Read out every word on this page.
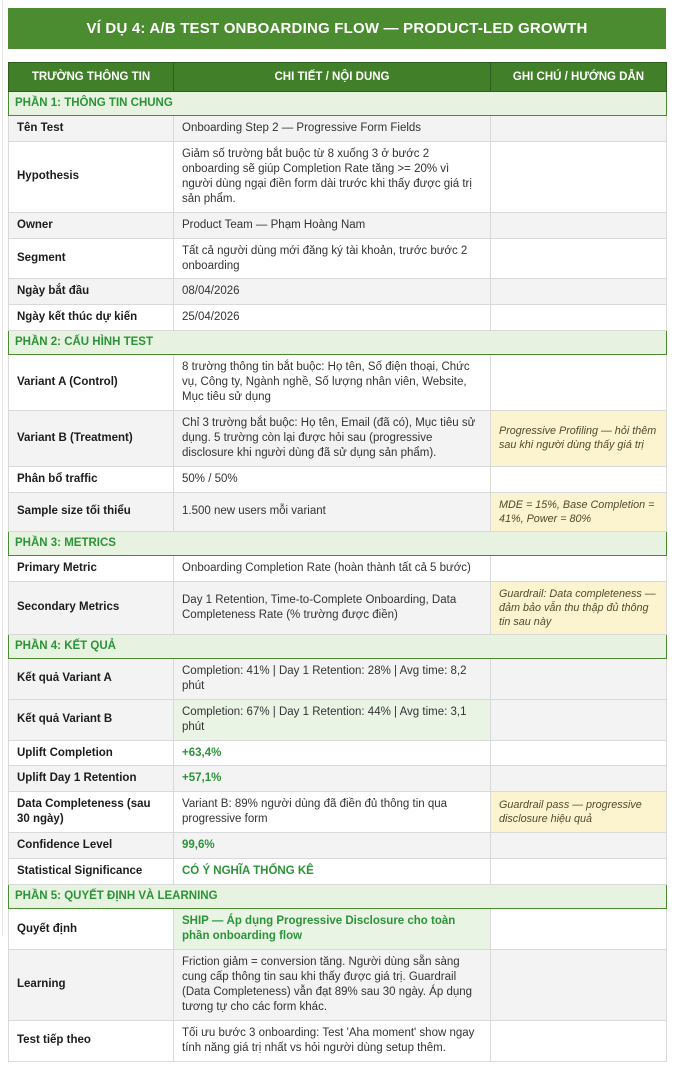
VÍ DỤ 4: A/B TEST ONBOARDING FLOW — PRODUCT-LED GROWTH
TRƯỜNG THÔNG TIN	CHI TIẾT / NỘI DUNG	GHI CHÚ / HƯỚNG DẪN
PHẦN 1: THÔNG TIN CHUNG		
Tên Test	Onboarding Step 2 — Progressive Form Fields	
Hypothesis	Giảm số trường bắt buộc từ 8 xuống 3 ở bước 2 onboarding sẽ giúp Completion Rate tăng >= 20% vì người dùng ngại điền form dài trước khi thấy được giá trị sản phẩm.	
Owner	Product Team — Phạm Hoàng Nam	
Segment	Tất cả người dùng mới đăng ký tài khoản, trước bước 2 onboarding	
Ngày bắt đầu	08/04/2026	
Ngày kết thúc dự kiến	25/04/2026	
PHẦN 2: CẤU HÌNH TEST		
Variant A (Control)	8 trường thông tin bắt buộc: Họ tên, Số điện thoại, Chức vụ, Công ty, Ngành nghề, Số lượng nhân viên, Website, Mục tiêu sử dụng	
Variant B (Treatment)	Chỉ 3 trường bắt buộc: Họ tên, Email (đã có), Mục tiêu sử dụng. 5 trường còn lại được hỏi sau (progressive disclosure khi người dùng đã sử dụng sản phẩm).	Progressive Profiling — hỏi thêm sau khi người dùng thấy giá trị
Phân bổ traffic	50% / 50%	
Sample size tối thiểu	1.500 new users mỗi variant	MDE = 15%, Base Completion = 41%, Power = 80%
PHẦN 3: METRICS		
Primary Metric	Onboarding Completion Rate (hoàn thành tất cả 5 bước)	
Secondary Metrics	Day 1 Retention, Time-to-Complete Onboarding, Data Completeness Rate (% trường được điền)	Guardrail: Data completeness — đảm bảo vẫn thu thập đủ thông tin sau này
PHẦN 4: KẾT QUẢ		
Kết quả Variant A	Completion: 41% | Day 1 Retention: 28% | Avg time: 8,2 phút	
Kết quả Variant B	Completion: 67% | Day 1 Retention: 44% | Avg time: 3,1 phút	
Uplift Completion	+63,4%	
Uplift Day 1 Retention	+57,1%	
Data Completeness (sau 30 ngày)	Variant B: 89% người dùng đã điền đủ thông tin qua progressive form	Guardrail pass — progressive disclosure hiệu quả
Confidence Level	99,6%	
Statistical Significance	CÓ Ý NGHĨA THỐNG KÊ	
PHẦN 5: QUYẾT ĐỊNH VÀ LEARNING		
Quyết định	SHIP — Áp dụng Progressive Disclosure cho toàn phần onboarding flow	
Learning	Friction giảm = conversion tăng. Người dùng sẵn sàng cung cấp thông tin sau khi thấy được giá trị. Guardrail (Data Completeness) vẫn đạt 89% sau 30 ngày. Áp dụng tương tự cho các form khác.	
Test tiếp theo	Tối ưu bước 3 onboarding: Test 'Aha moment' show ngay tính năng giá trị nhất vs hỏi người dùng setup thêm.	
